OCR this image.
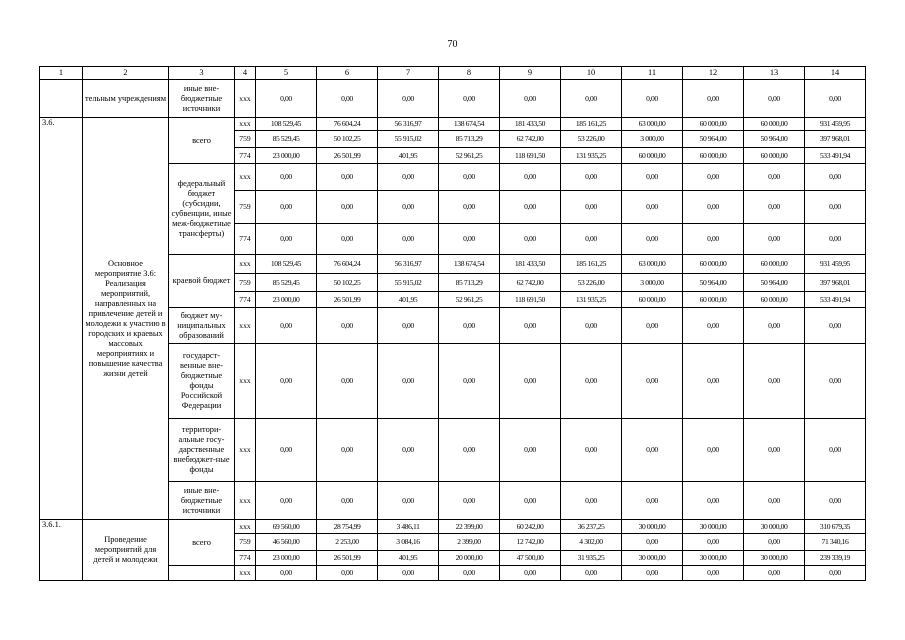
70
1	2	3	4	5	6	7	8	9	10	11	12	13	14
	тельным учреждениям	иные вне-бюджетные источники	ххх	0,00	0,00	0,00	0,00	0,00	0,00	0,00	0,00	0,00	0,00
3.6.	Основное мероприятие 3.6: Реализация мероприятий, направленных на привлечение детей и молодежи к участию в городских и краевых массовых мероприятиях и повышение качества жизни детей	всего	ххх	108 529,45	76 604,24	56 316,97	138 674,54	181 433,50	185 161,25	63 000,00	60 000,00	60 000,00	931 459,95
			759	85 529,45	50 102,25	55 915,02	85 713,29	62 742,00	53 226,00	3 000,00	50 964,00	50 964,00	397 968,01
			774	23 000,00	26 501,99	401,95	52 961,25	118 691,50	131 935,25	60 000,00	60 000,00	60 000,00	533 491,94
		федеральный бюджет (субсидии, субвенции, иные меж-бюджетные трансферты)	ххх	0,00	0,00	0,00	0,00	0,00	0,00	0,00	0,00	0,00	0,00
			759	0,00	0,00	0,00	0,00	0,00	0,00	0,00	0,00	0,00	0,00
			774	0,00	0,00	0,00	0,00	0,00	0,00	0,00	0,00	0,00	0,00
		краевой бюджет	ххх	108 529,45	76 604,24	56 316,97	138 674,54	181 433,50	185 161,25	63 000,00	60 000,00	60 000,00	931 459,95
			759	85 529,45	50 102,25	55 915,02	85 713,29	62 742,00	53 226,00	3 000,00	50 964,00	50 964,00	397 968,01
			774	23 000,00	26 501,99	401,95	52 961,25	118 691,50	131 935,25	60 000,00	60 000,00	60 000,00	533 491,94
		бюджет му-ниципальных образований	ххх	0,00	0,00	0,00	0,00	0,00	0,00	0,00	0,00	0,00	0,00
		государст-венные вне-бюджетные фонды Российской Федерации	ххх	0,00	0,00	0,00	0,00	0,00	0,00	0,00	0,00	0,00	0,00
		территори-альные госу-дарственные внебюджет-ные фонды	ххх	0,00	0,00	0,00	0,00	0,00	0,00	0,00	0,00	0,00	0,00
		иные вне-бюджетные источники	ххх	0,00	0,00	0,00	0,00	0,00	0,00	0,00	0,00	0,00	0,00
3.6.1.	Проведение мероприятий для детей и молодежи	всего	ххх	69 560,00	28 754,99	3 486,11	22 399,00	60 242,00	36 237,25	30 000,00	30 000,00	30 000,00	310 679,35
			759	46 560,00	2 253,00	3 084,16	2 399,00	12 742,00	4 302,00	0,00	0,00	0,00	71 340,16
			774	23 000,00	26 501,99	401,95	20 000,00	47 500,00	31 935,25	30 000,00	30 000,00	30 000,00	239 339,19
			ххх	0,00	0,00	0,00	0,00	0,00	0,00	0,00	0,00	0,00	0,00
